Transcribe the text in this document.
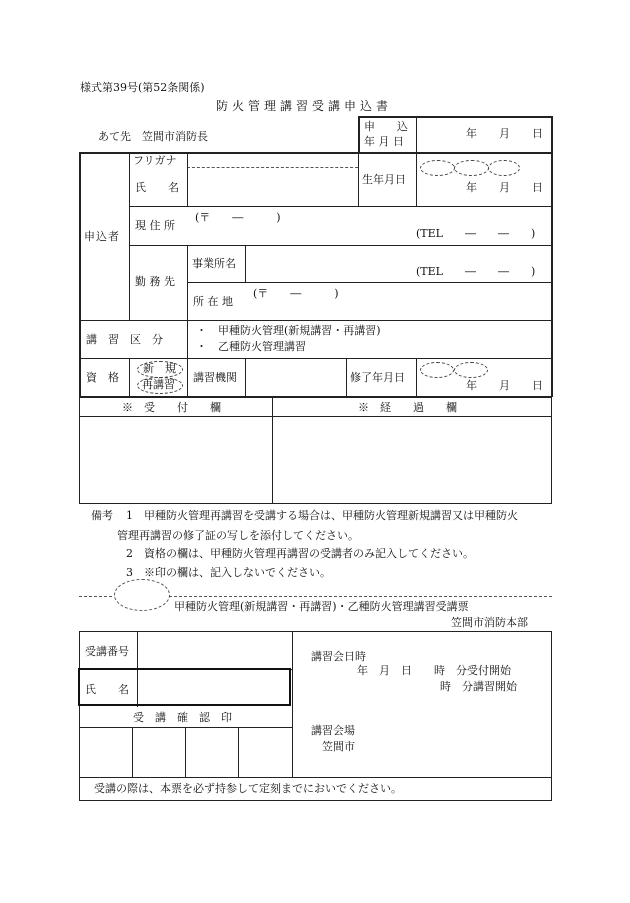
様式第39号(第52条関係)
防火管理講習受講申込書
あて先　笠間市消防長
申　　込
年 月 日
年　　月　　日
フリガナ
氏　　名
生年月日
年　　月　　日
申込者
現 住 所
(〒　　―　　　)
(TEL　　―　　―　　)
勤 務 先
事業所名
(TEL　　―　　―　　)
所 在 地
(〒　　―　　　)
講　習　区　分
・　甲種防火管理(新規講習・再講習)
・　乙種防火管理講習
資　格
新　規
再講習
講習機関	修了年月日
年　　月　　日
※　受　　付　　欄	※　経　　過　　欄
備考 1　甲種防火管理再講習を受講する場合は、甲種防火管理新規講習又は甲種防火
管理再講習の修了証の写しを添付してください。
2　資格の欄は、甲種防火管理再講習の受講者のみ記入してください。
3　※印の欄は、記入しないでください。
甲種防火管理(新規講習・再講習)・乙種防火管理講習受講票
笠間市消防本部
受講番号
氏　　名
受　講　確　認　印
講習会日時
年　月　日　　時　分受付開始
時　分講習開始
講習会場
笠間市
受講の際は、本票を必ず持参して定刻までにおいでください。
